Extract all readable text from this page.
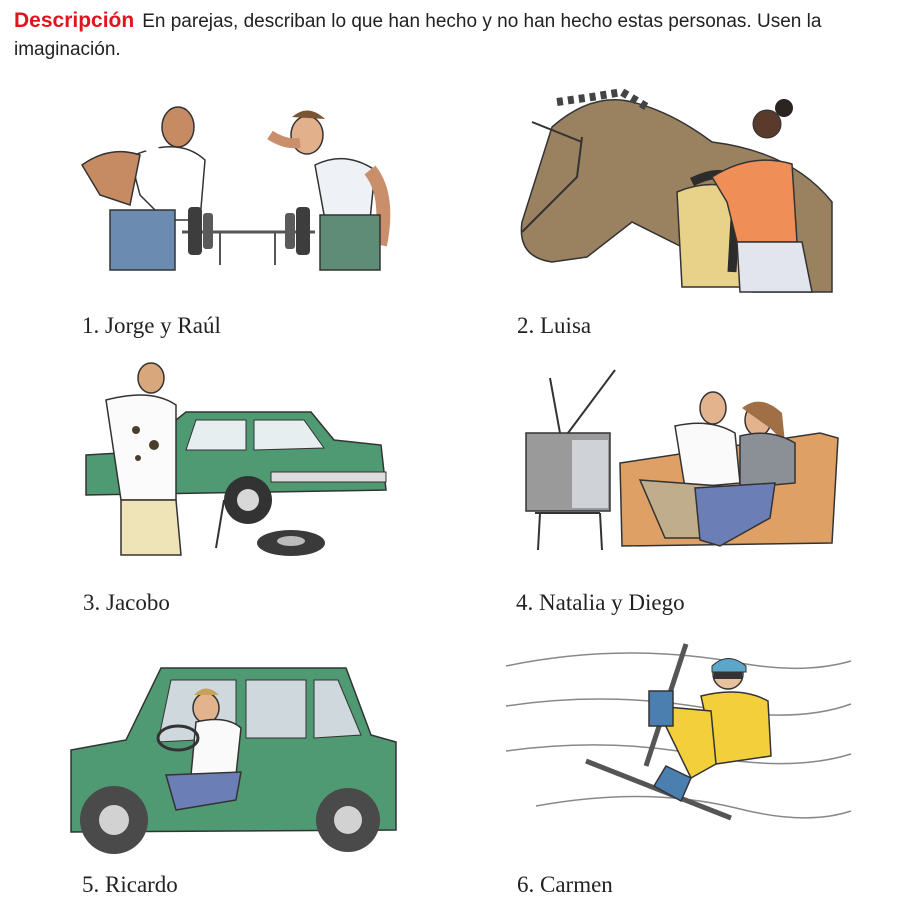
Descripción En parejas, describan lo que han hecho y no han hecho estas personas. Usen la imaginación.
1. Jorge y Raúl	2. Luisa
3. Jacobo	4. Natalia y Diego
5. Ricardo	6. Carmen
